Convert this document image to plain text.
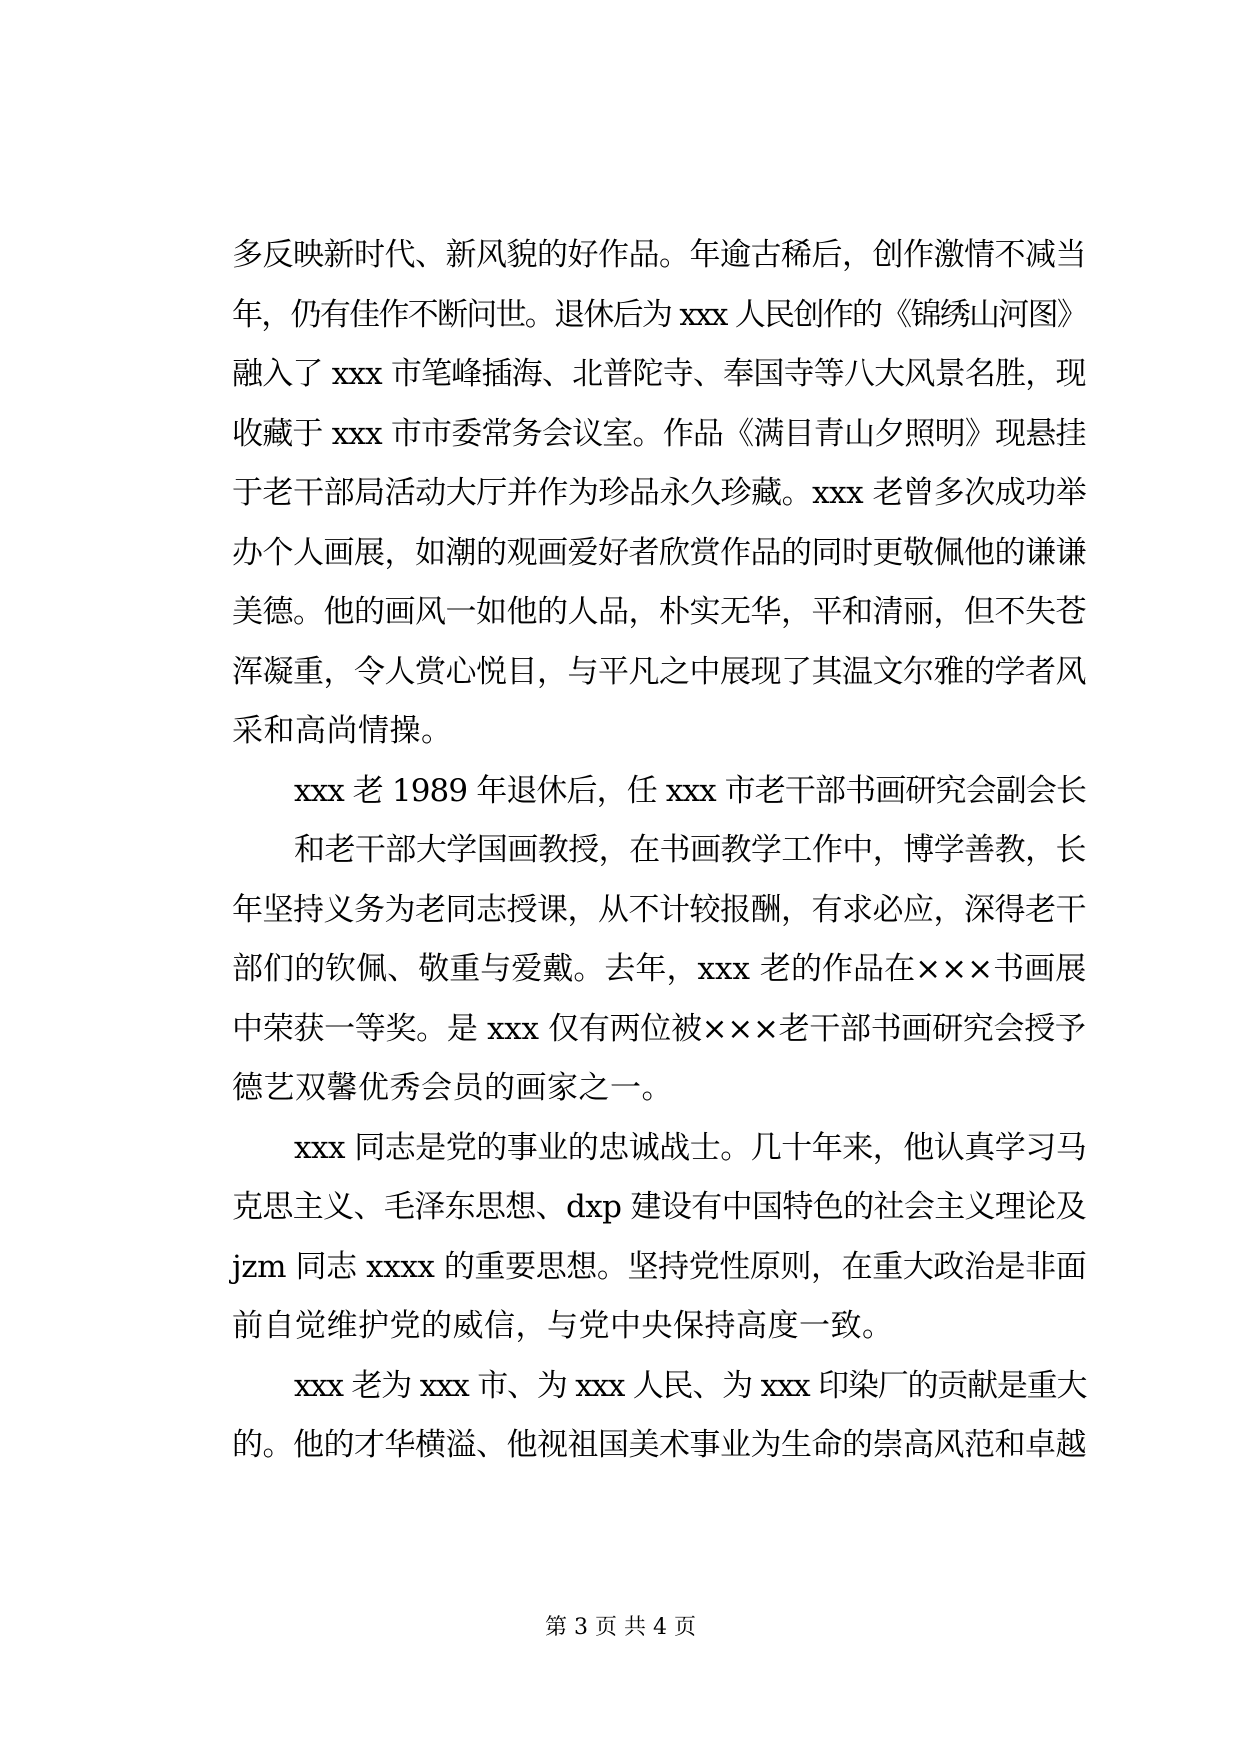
多反映新时代、新风貌的好作品。年逾古稀后，创作激情不减当
年，仍有佳作不断问世。退休后为 xxx 人民创作的《锦绣山河图》
融入了 xxx 市笔峰插海、北普陀寺、奉国寺等八大风景名胜，现
收藏于 xxx 市市委常务会议室。作品《满目青山夕照明》现悬挂
于老干部局活动大厅并作为珍品永久珍藏。xxx 老曾多次成功举
办个人画展，如潮的观画爱好者欣赏作品的同时更敬佩他的谦谦
美德。他的画风一如他的人品，朴实无华，平和清丽，但不失苍
浑凝重，令人赏心悦目，与平凡之中展现了其温文尔雅的学者风
采和高尚情操。
xxx 老 1989 年退休后，任 xxx 市老干部书画研究会副会长
和老干部大学国画教授，在书画教学工作中，博学善教，长
年坚持义务为老同志授课，从不计较报酬，有求必应，深得老干
部们的钦佩、敬重与爱戴。去年，xxx 老的作品在×××书画展
中荣获一等奖。是 xxx 仅有两位被×××老干部书画研究会授予
德艺双馨优秀会员的画家之一。
xxx 同志是党的事业的忠诚战士。几十年来，他认真学习马
克思主义、毛泽东思想、dxp 建设有中国特色的社会主义理论及
jzm 同志 xxxx 的重要思想。坚持党性原则，在重大政治是非面
前自觉维护党的威信，与党中央保持高度一致。
xxx 老为 xxx 市、为 xxx 人民、为 xxx 印染厂的贡献是重大
的。他的才华横溢、他视祖国美术事业为生命的崇高风范和卓越
第 3 页 共 4 页
